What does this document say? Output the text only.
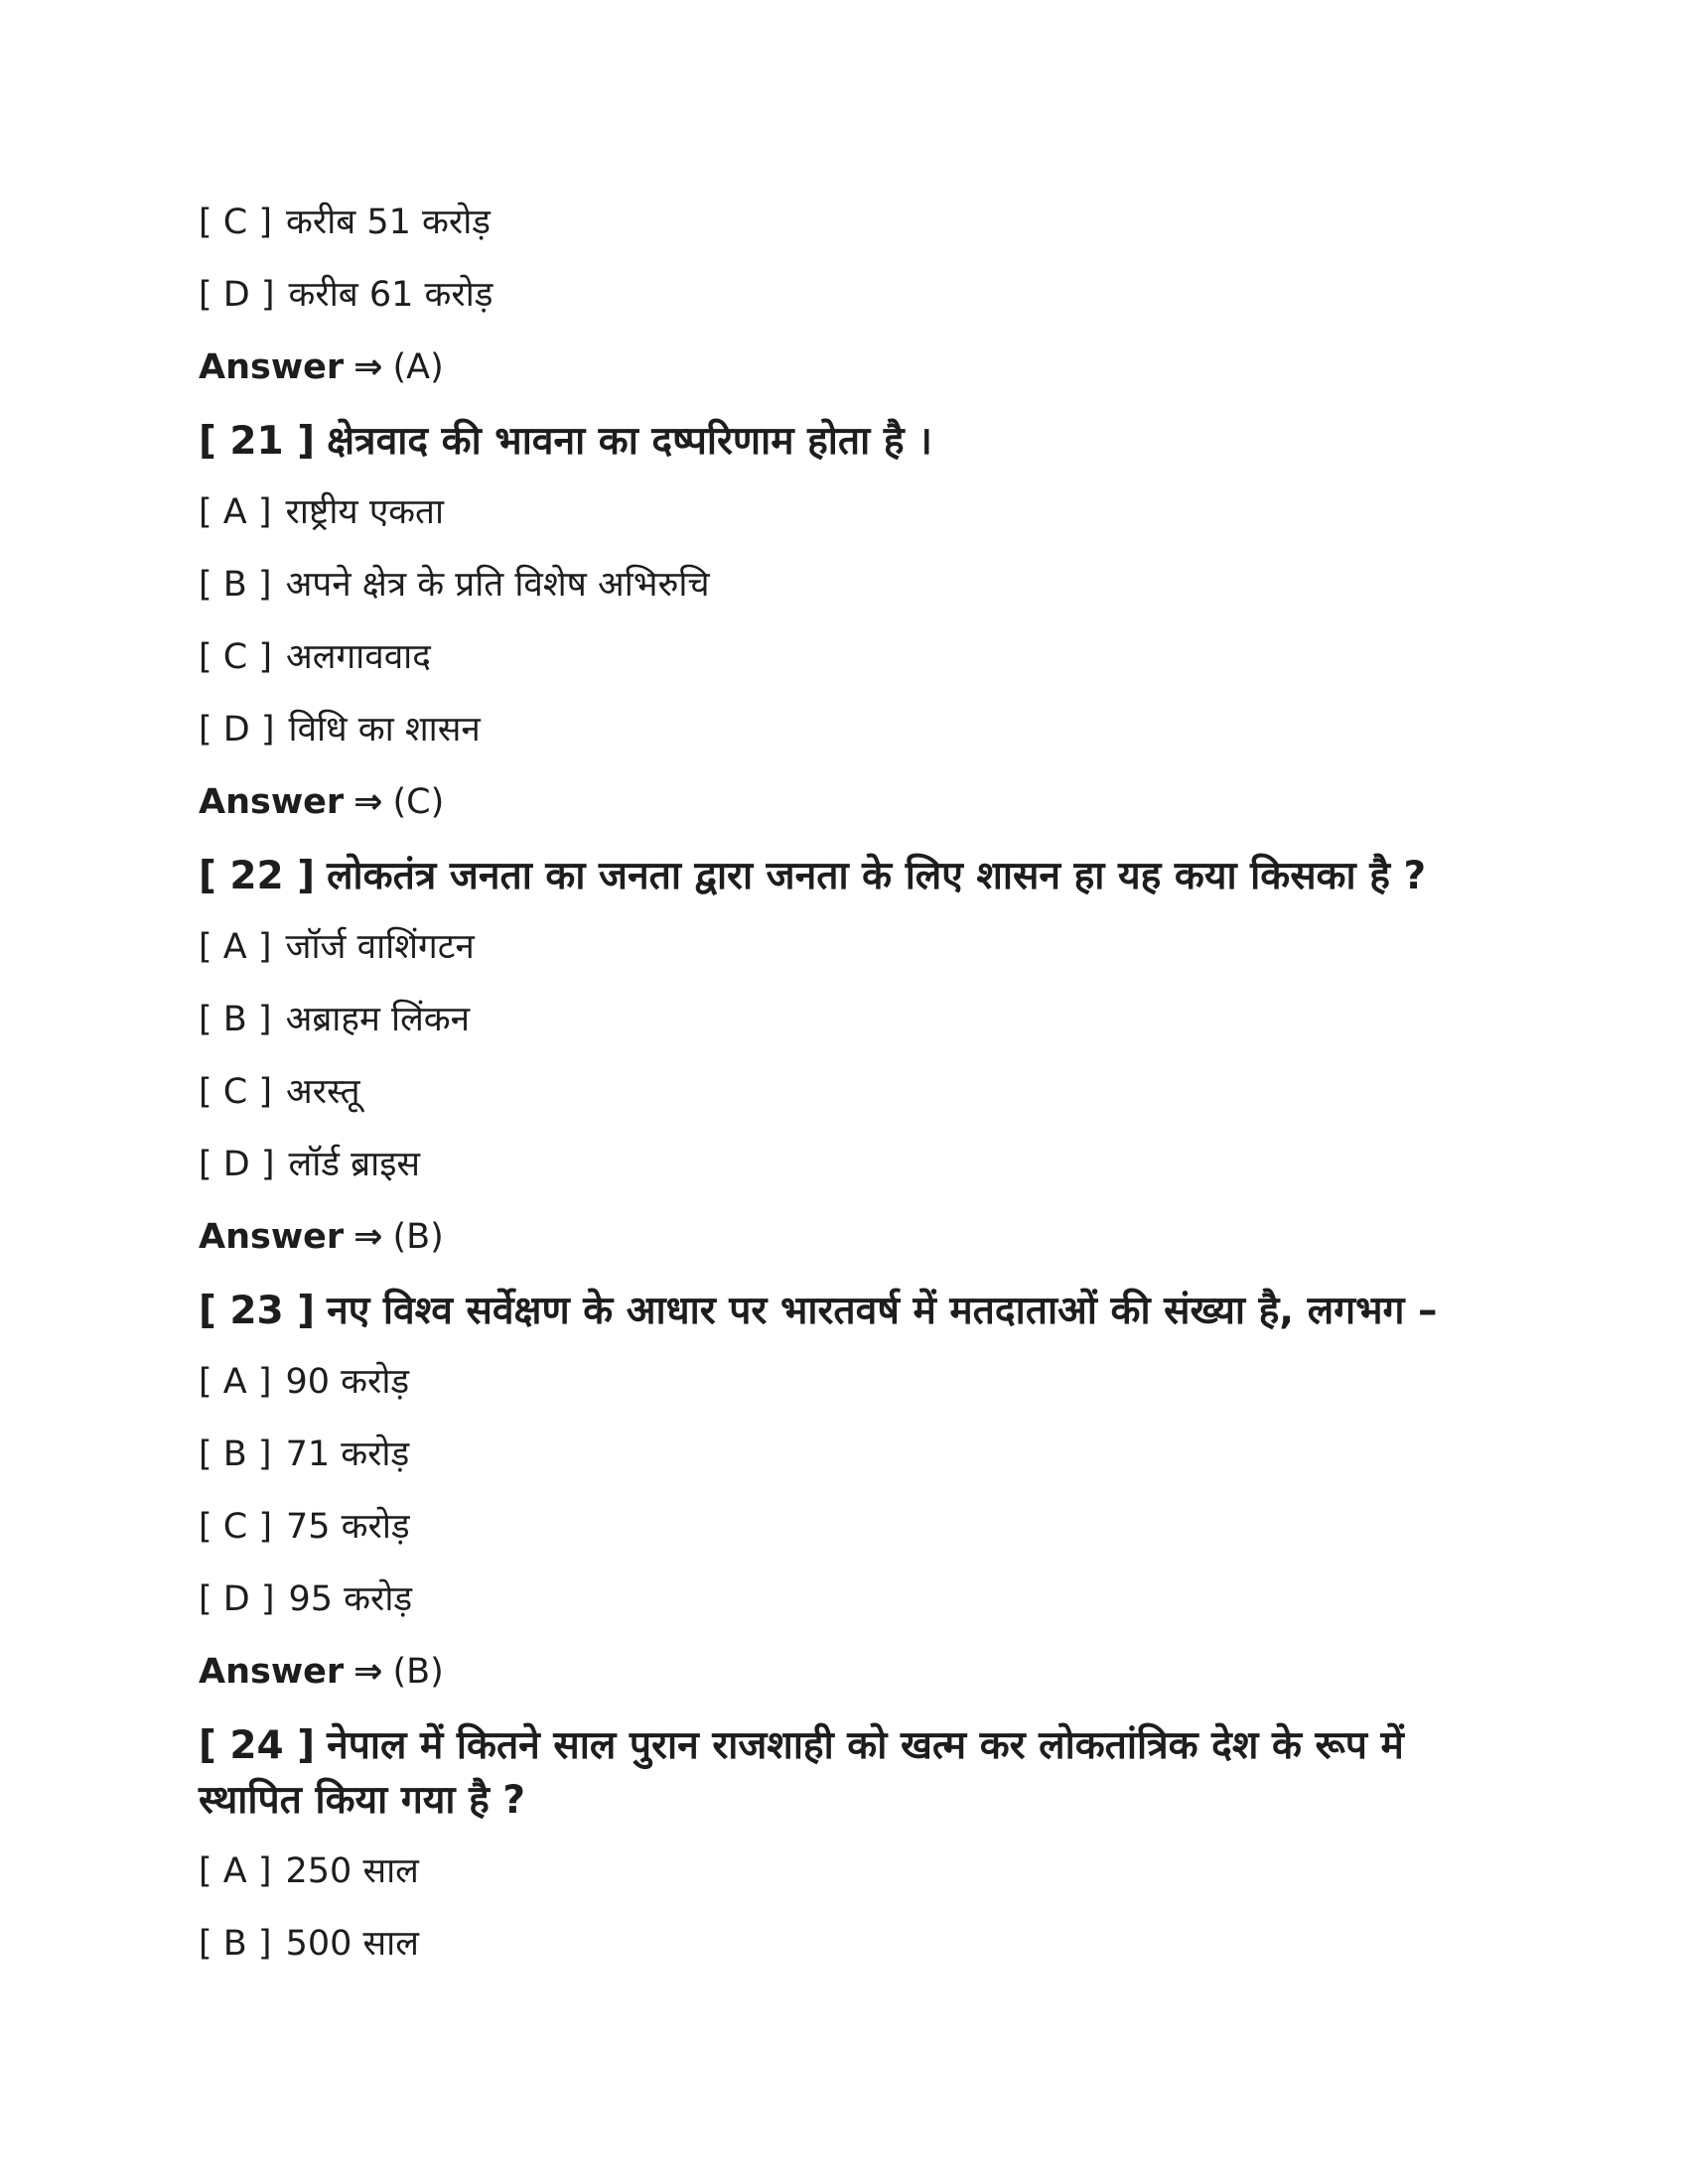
[ C ] करीब 51 करोड़
[ D ] करीब 61 करोड़
Answer ⇒ (A)
[ 21 ] क्षेत्रवाद की भावना का दष्परिणाम होता है ।
[ A ] राष्ट्रीय एकता
[ B ] अपने क्षेत्र के प्रति विशेष अभिरुचि
[ C ] अलगाववाद
[ D ] विधि का शासन
Answer ⇒ (C)
[ 22 ] लोकतंत्र जनता का जनता द्वारा जनता के लिए शासन हा यह कया किसका है ?
[ A ] जॉर्ज वाशिंगटन
[ B ] अब्राहम लिंकन
[ C ] अरस्तू
[ D ] लॉर्ड ब्राइस
Answer ⇒ (B)
[ 23 ] नए विश्व सर्वेक्षण के आधार पर भारतवर्ष में मतदाताओं की संख्या है, लगभग –
[ A ] 90 करोड़
[ B ] 71 करोड़
[ C ] 75 करोड़
[ D ] 95 करोड़
Answer ⇒ (B)
[ 24 ] नेपाल में कितने साल पुरान राजशाही को खत्म कर लोकतांत्रिक देश के रूप में स्थापित किया गया है ?
[ A ] 250 साल
[ B ] 500 साल
